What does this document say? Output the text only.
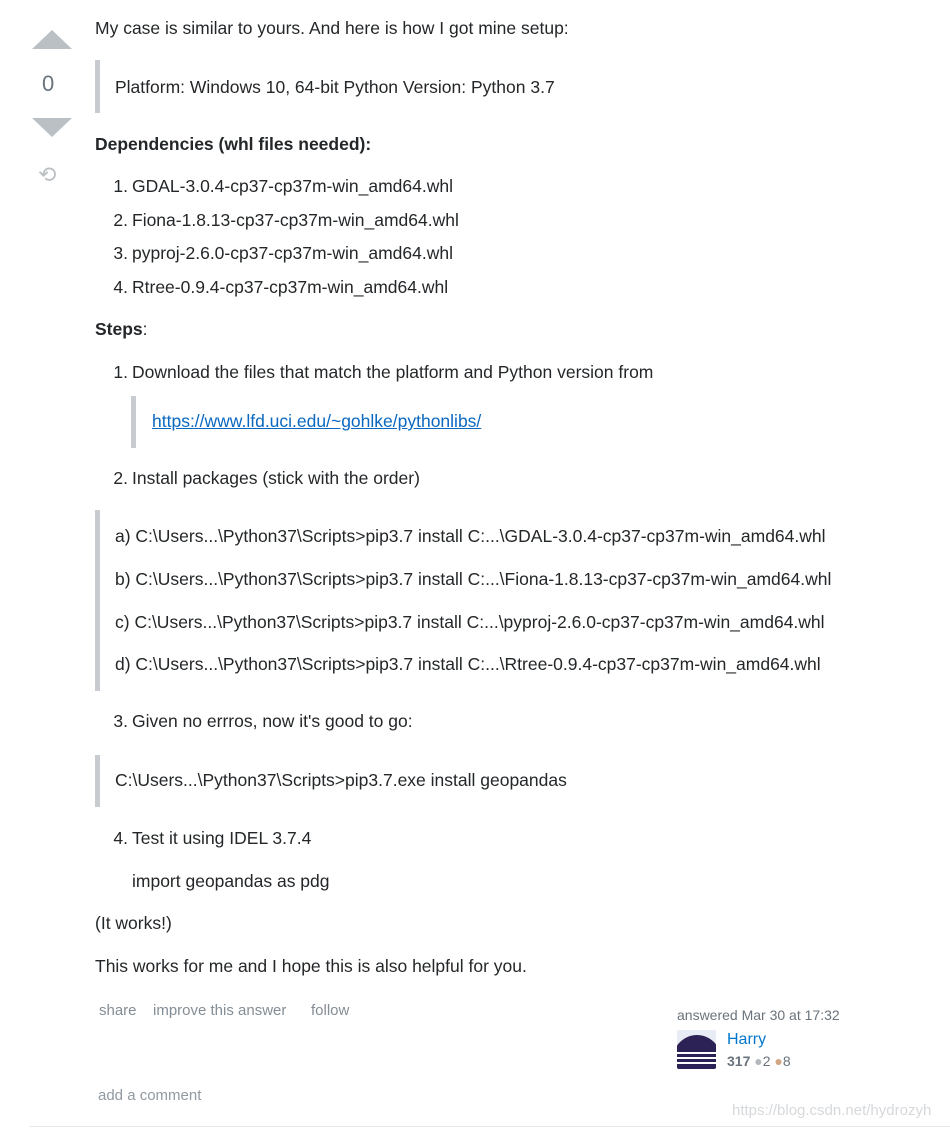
0
⟲
My case is similar to yours. And here is how I got mine setup:
Platform: Windows 10, 64-bit Python Version: Python 3.7
Dependencies (whl files needed):
1. GDAL-3.0.4-cp37-cp37m-win_amd64.whl
2. Fiona-1.8.13-cp37-cp37m-win_amd64.whl
3. pyproj-2.6.0-cp37-cp37m-win_amd64.whl
4. Rtree-0.9.4-cp37-cp37m-win_amd64.whl
Steps:
1. Download the files that match the platform and Python version from
https://www.lfd.uci.edu/~gohlke/pythonlibs/
2. Install packages (stick with the order)
a) C:\Users...\Python37\Scripts>pip3.7 install C:...\GDAL-3.0.4-cp37-cp37m-win_amd64.whl
b) C:\Users...\Python37\Scripts>pip3.7 install C:...\Fiona-1.8.13-cp37-cp37m-win_amd64.whl
c) C:\Users...\Python37\Scripts>pip3.7 install C:...\pyproj-2.6.0-cp37-cp37m-win_amd64.whl
d) C:\Users...\Python37\Scripts>pip3.7 install C:...\Rtree-0.9.4-cp37-cp37m-win_amd64.whl
3. Given no errros, now it's good to go:
C:\Users...\Python37\Scripts>pip3.7.exe install geopandas
4. Test it using IDEL 3.7.4
import geopandas as pdg
(It works!)
This works for me and I hope this is also helpful for you.
share improve this answer follow	answered Mar 30 at 17:32
Harry
317 ●2 ●8
add a comment
https://blog.csdn.net/hydrozyh
